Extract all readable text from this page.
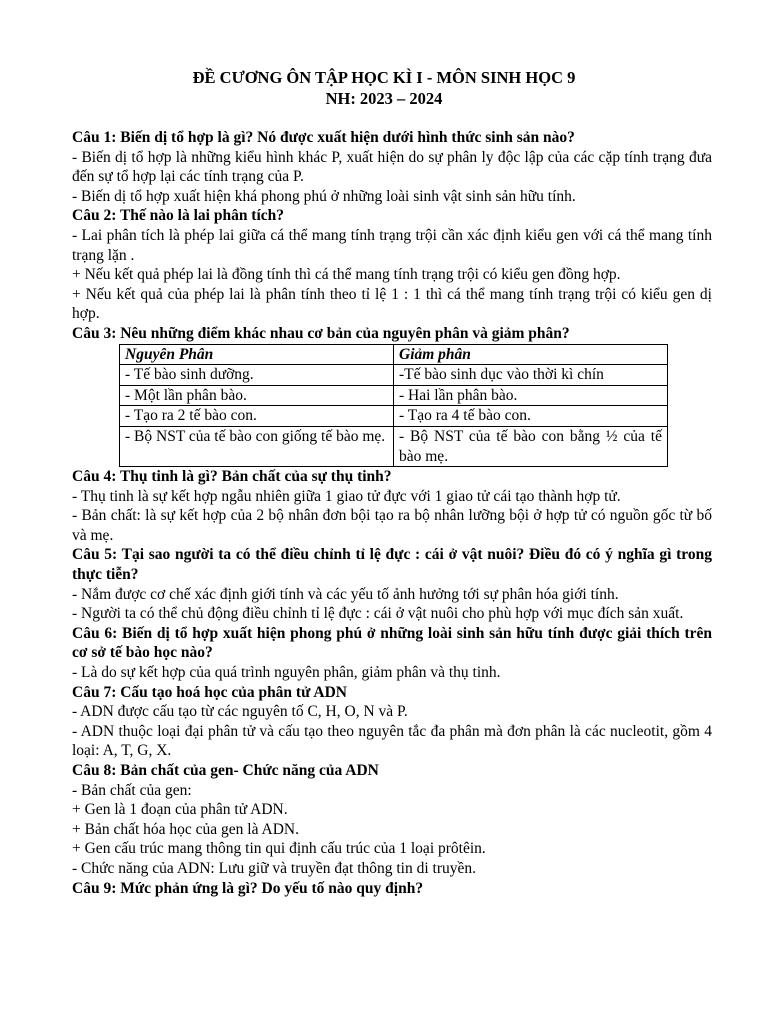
ĐỀ CƯƠNG ÔN TẬP HỌC KÌ I - MÔN SINH HỌC 9
NH: 2023 – 2024

Câu 1: Biến dị tổ hợp là gì? Nó được xuất hiện dưới hình thức sinh sản nào?

- Biến dị tổ hợp là những kiểu hình khác P, xuất hiện do sự phân ly độc lập của các cặp tính trạng đưa đến sự tổ hợp lại các tính trạng của P.

- Biến dị tổ hợp xuất hiện khá phong phú ở những loài sinh vật sinh sản hữu tính.

Câu 2: Thế nào là lai phân tích?

- Lai phân tích là phép lai giữa cá thể mang tính trạng trội cần xác định kiểu gen với cá thể mang tính trạng lặn .

+ Nếu kết quả phép lai là đồng tính thì cá thể mang tính trạng trội có kiểu gen đồng hợp.

+ Nếu kết quả của phép lai là phân tính theo tỉ lệ 1 : 1 thì cá thể mang tính trạng trội có kiểu gen dị hợp.

Câu 3: Nêu những điểm khác nhau cơ bản của nguyên phân và giảm phân?

Nguyên Phân	Giảm phân
- Tế bào sinh dưỡng.	-Tế bào sinh dục vào thời kì chín
- Một lần phân bào.	- Hai lần phân bào.
- Tạo ra 2 tế bào con.	- Tạo ra 4 tế bào con.
- Bộ NST của tế bào con giống tế bào mẹ.	- Bộ NST của tế bào con bằng ½ của tế bào mẹ.

Câu 4: Thụ tinh là gì? Bản chất của sự thụ tinh?

- Thụ tinh là sự kết hợp ngẫu nhiên giữa 1 giao tử đực với 1 giao tử cái tạo thành hợp tử.

- Bản chất: là sự kết hợp của 2 bộ nhân đơn bội tạo ra bộ nhân lưỡng bội ở hợp tử có nguồn gốc từ bố và mẹ.

Câu 5: Tại sao người ta có thể điều chỉnh tỉ lệ đực : cái ở vật nuôi? Điều đó có ý nghĩa gì trong thực tiễn?

- Nắm được cơ chế xác định giới tính và các yếu tố ảnh hưởng tới sự phân hóa giới tính.

- Người ta có thể chủ động điều chỉnh tỉ lệ đực : cái ở vật nuôi cho phù hợp với mục đích sản xuất.

Câu 6: Biến dị tổ hợp xuất hiện phong phú ở những loài sinh sản hữu tính được giải thích trên cơ sở tế bào học nào?

- Là do sự kết hợp của quá trình nguyên phân, giảm phân và thụ tinh.

Câu 7: Cấu tạo hoá học của phân tử ADN

- ADN được cấu tạo từ các nguyên tố C, H, O, N và P.

- ADN thuộc loại đại phân tử và cấu tạo theo nguyên tắc đa phân mà đơn phân là các nucleotit, gồm 4 loại: A, T, G, X.

Câu 8: Bản chất của gen- Chức năng của ADN

- Bản chất của gen:

+ Gen là 1 đoạn của phân tử ADN.

+ Bản chất hóa học của gen là ADN.

+ Gen cấu trúc mang thông tin qui định cấu trúc của 1 loại prôtêin.

- Chức năng của ADN: Lưu giữ và truyền đạt thông tin di truyền.

Câu 9: Mức phản ứng là gì? Do yếu tố nào quy định?
